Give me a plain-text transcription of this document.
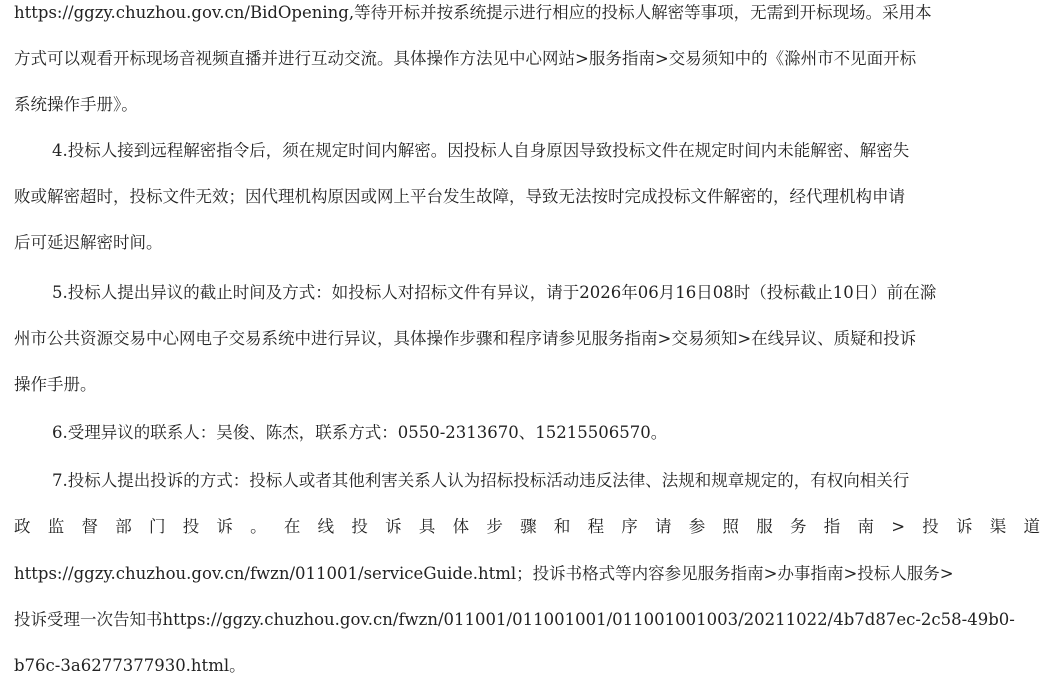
https://ggzy.chuzhou.gov.cn/BidOpening,等待开标并按系统提示进行相应的投标人解密等事项，无需到开标现场。采用本
方式可以观看开标现场音视频直播并进行互动交流。具体操作方法见中心网站>服务指南>交易须知中的《滁州市不见面开标
系统操作手册》。
4.投标人接到远程解密指令后，须在规定时间内解密。因投标人自身原因导致投标文件在规定时间内未能解密、解密失
败或解密超时，投标文件无效；因代理机构原因或网上平台发生故障，导致无法按时完成投标文件解密的，经代理机构申请
后可延迟解密时间。
5.投标人提出异议的截止时间及方式：如投标人对招标文件有异议，请于2026年06月16日08时（投标截止10日）前在滁
州市公共资源交易中心网电子交易系统中进行异议，具体操作步骤和程序请参见服务指南>交易须知>在线异议、质疑和投诉
操作手册。
6.受理异议的联系人：吴俊、陈杰，联系方式：0550-2313670、15215506570。
7.投标人提出投诉的方式：投标人或者其他利害关系人认为招标投标活动违反法律、法规和规章规定的，有权向相关行
政监督部门投诉。在线投诉具体步骤和程序请参照服务指南>投诉渠道
https://ggzy.chuzhou.gov.cn/fwzn/011001/serviceGuide.html；投诉书格式等内容参见服务指南>办事指南>投标人服务>
投诉受理一次告知书https://ggzy.chuzhou.gov.cn/fwzn/011001/011001001/011001001003/20211022/4b7d87ec-2c58-49b0-
b76c-3a6277377930.html。
